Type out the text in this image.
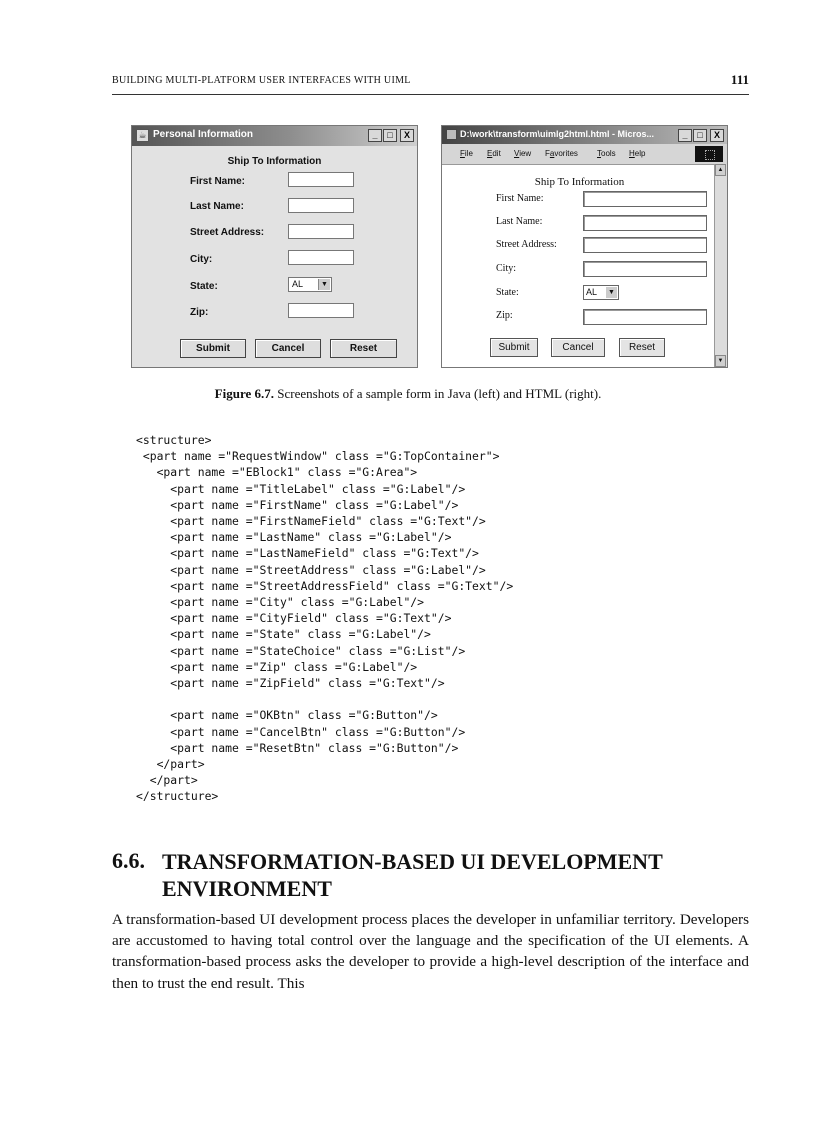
BUILDING MULTI-PLATFORM USER INTERFACES WITH UIML	111
☕ Personal Information	_	□	X
Ship To Information
First Name:
Last Name:
Street Address:
City:
State:	AL	▼
Zip:
Submit	Cancel	Reset
D:\work\transform\uimlg2html.html - Micros...	_	□	X
File Edit View Favorites Tools Help
▲
▼
Ship To Information
First Name:
Last Name:
Street Address:
City:
State:	AL ▼
Zip:
Submit	Cancel	Reset
Figure 6.7. Screenshots of a sample form in Java (left) and HTML (right).
<structure>
<part name ="RequestWindow" class ="G:TopContainer">
<part name ="EBlock1" class ="G:Area">
<part name ="TitleLabel" class ="G:Label"/>
<part name ="FirstName" class ="G:Label"/>
<part name ="FirstNameField" class ="G:Text"/>
<part name ="LastName" class ="G:Label"/>
<part name ="LastNameField" class ="G:Text"/>
<part name ="StreetAddress" class ="G:Label"/>
<part name ="StreetAddressField" class ="G:Text"/>
<part name ="City" class ="G:Label"/>
<part name ="CityField" class ="G:Text"/>
<part name ="State" class ="G:Label"/>
<part name ="StateChoice" class ="G:List"/>
<part name ="Zip" class ="G:Label"/>
<part name ="ZipField" class ="G:Text"/>

<part name ="OKBtn" class ="G:Button"/>
<part name ="CancelBtn" class ="G:Button"/>
<part name ="ResetBtn" class ="G:Button"/>
</part>
</part>
</structure>
6.6. TRANSFORMATION-BASED UI DEVELOPMENT ENVIRONMENT

A transformation-based UI development process places the developer in unfamiliar territory. Developers are accustomed to having total control over the language and the specification of the UI elements. A transformation-based process asks the developer to provide a high-level description of the interface and then to trust the end result. This
